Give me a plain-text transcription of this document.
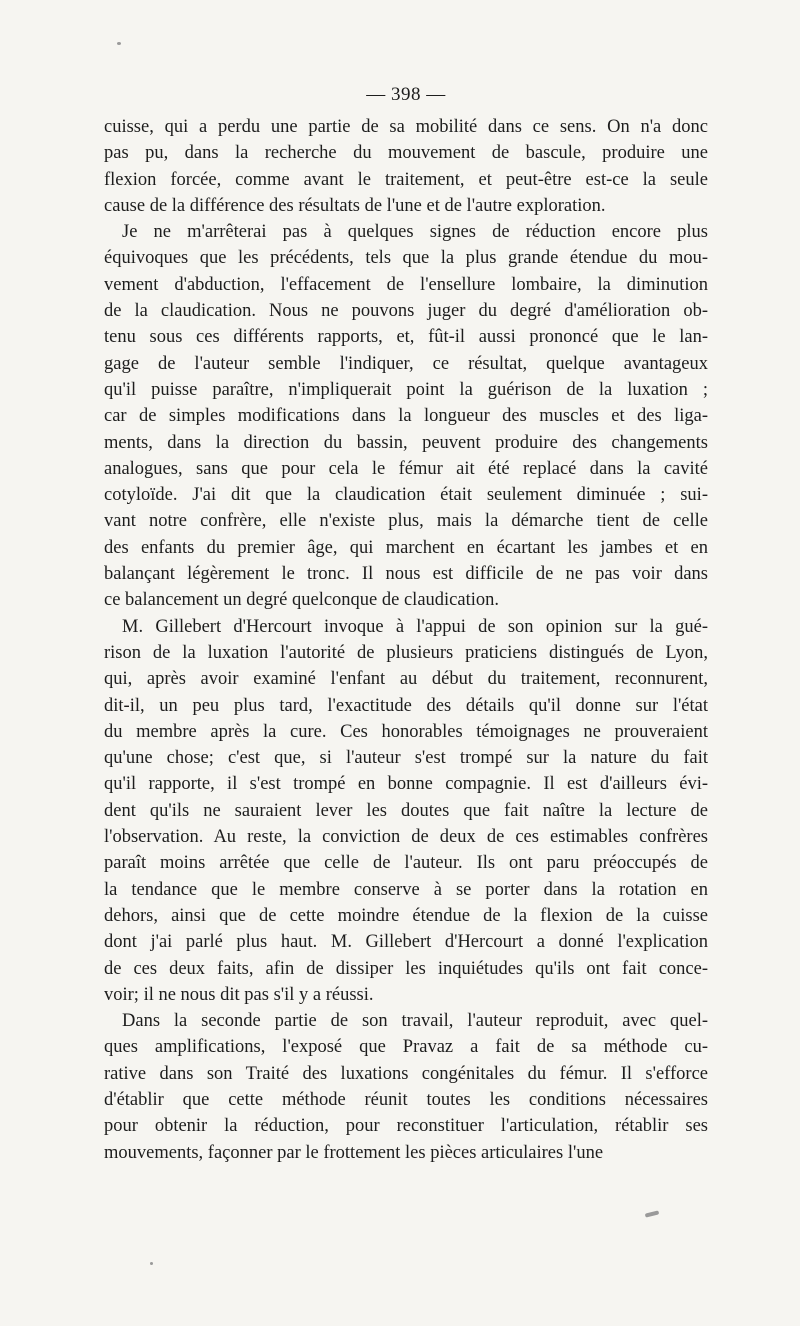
— 398 —
cuisse, qui a perdu une partie de sa mobilité dans ce sens. On n'a donc
pas pu, dans la recherche du mouvement de bascule, produire une
flexion forcée, comme avant le traitement, et peut-être est-ce la seule
cause de la différence des résultats de l'une et de l'autre exploration.
Je ne m'arrêterai pas à quelques signes de réduction encore plus
équivoques que les précédents, tels que la plus grande étendue du mou-
vement d'abduction, l'effacement de l'ensellure lombaire, la diminution
de la claudication. Nous ne pouvons juger du degré d'amélioration ob-
tenu sous ces différents rapports, et, fût-il aussi prononcé que le lan-
gage de l'auteur semble l'indiquer, ce résultat, quelque avantageux
qu'il puisse paraître, n'impliquerait point la guérison de la luxation ;
car de simples modifications dans la longueur des muscles et des liga-
ments, dans la direction du bassin, peuvent produire des changements
analogues, sans que pour cela le fémur ait été replacé dans la cavité
cotyloïde. J'ai dit que la claudication était seulement diminuée ; sui-
vant notre confrère, elle n'existe plus, mais la démarche tient de celle
des enfants du premier âge, qui marchent en écartant les jambes et en
balançant légèrement le tronc. Il nous est difficile de ne pas voir dans
ce balancement un degré quelconque de claudication.
M. Gillebert d'Hercourt invoque à l'appui de son opinion sur la gué-
rison de la luxation l'autorité de plusieurs praticiens distingués de Lyon,
qui, après avoir examiné l'enfant au début du traitement, reconnurent,
dit-il, un peu plus tard, l'exactitude des détails qu'il donne sur l'état
du membre après la cure. Ces honorables témoignages ne prouveraient
qu'une chose; c'est que, si l'auteur s'est trompé sur la nature du fait
qu'il rapporte, il s'est trompé en bonne compagnie. Il est d'ailleurs évi-
dent qu'ils ne sauraient lever les doutes que fait naître la lecture de
l'observation. Au reste, la conviction de deux de ces estimables confrères
paraît moins arrêtée que celle de l'auteur. Ils ont paru préoccupés de
la tendance que le membre conserve à se porter dans la rotation en
dehors, ainsi que de cette moindre étendue de la flexion de la cuisse
dont j'ai parlé plus haut. M. Gillebert d'Hercourt a donné l'explication
de ces deux faits, afin de dissiper les inquiétudes qu'ils ont fait conce-
voir; il ne nous dit pas s'il y a réussi.
Dans la seconde partie de son travail, l'auteur reproduit, avec quel-
ques amplifications, l'exposé que Pravaz a fait de sa méthode cu-
rative dans son Traité des luxations congénitales du fémur. Il s'efforce
d'établir que cette méthode réunit toutes les conditions nécessaires
pour obtenir la réduction, pour reconstituer l'articulation, rétablir ses
mouvements, façonner par le frottement les pièces articulaires l'une
